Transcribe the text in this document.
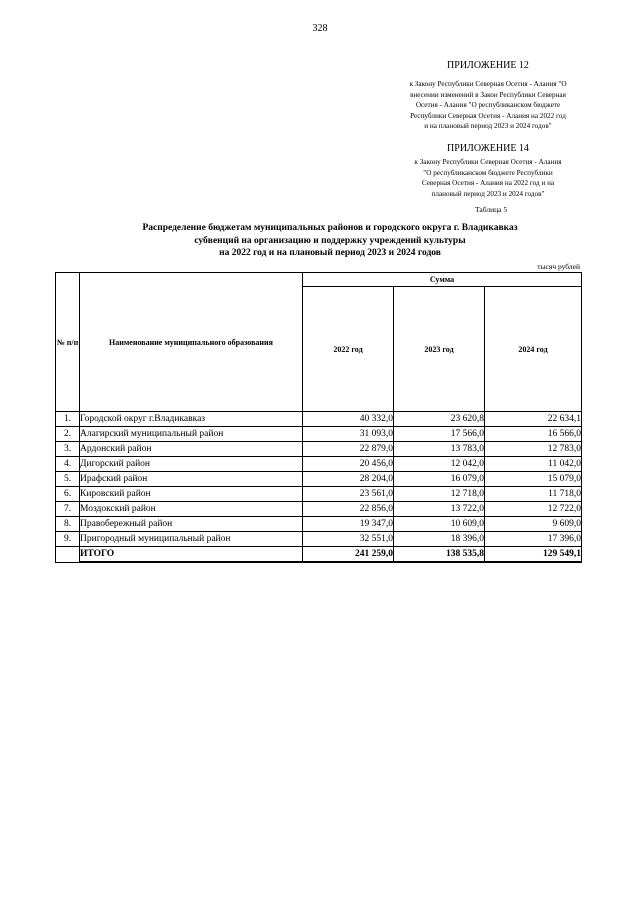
328
ПРИЛОЖЕНИЕ 12
к Закону Республики Северная Осетия - Алания "О
внесении изменений в Закон Республики Северная
Осетия - Алания "О республиканском бюджете
Республики Северная Осетия - Алания на 2022 год
и на плановый период 2023 и 2024 годов"
ПРИЛОЖЕНИЕ 14
к Закону Республики Северная Осетия - Алания
"О республиканском бюджете Республики
Северная Осетия - Алания на 2022 год и на
плановый период 2023 и 2024 годов"
Таблица 5
Распределение бюджетам муниципальных районов и городского округа г. Владикавказ
субвенций на организацию и поддержку учреждений культуры
на 2022 год и на плановый период 2023 и 2024 годов
тысяч рублей
№ п/п	Наименование муниципального образования	Сумма		
		2022 год	2023 год	2024 год
1.	Городской округ г.Владикавказ	40 332,0	23 620,8	22 634,1
2.	Алагирский муниципальный район	31 093,0	17 566,0	16 566,0
3.	Ардонский район	22 879,0	13 783,0	12 783,0
4.	Дигорский район	20 456,0	12 042,0	11 042,0
5.	Ирафский район	28 204,0	16 079,0	15 079,0
6.	Кировский район	23 561,0	12 718,0	11 718,0
7.	Моздокский район	22 856,0	13 722,0	12 722,0
8.	Правобережный район	19 347,0	10 609,0	9 609,0
9.	Пригородный муниципальный район	32 551,0	18 396,0	17 396,0
	ИТОГО	241 259,0	138 535,8	129 549,1
